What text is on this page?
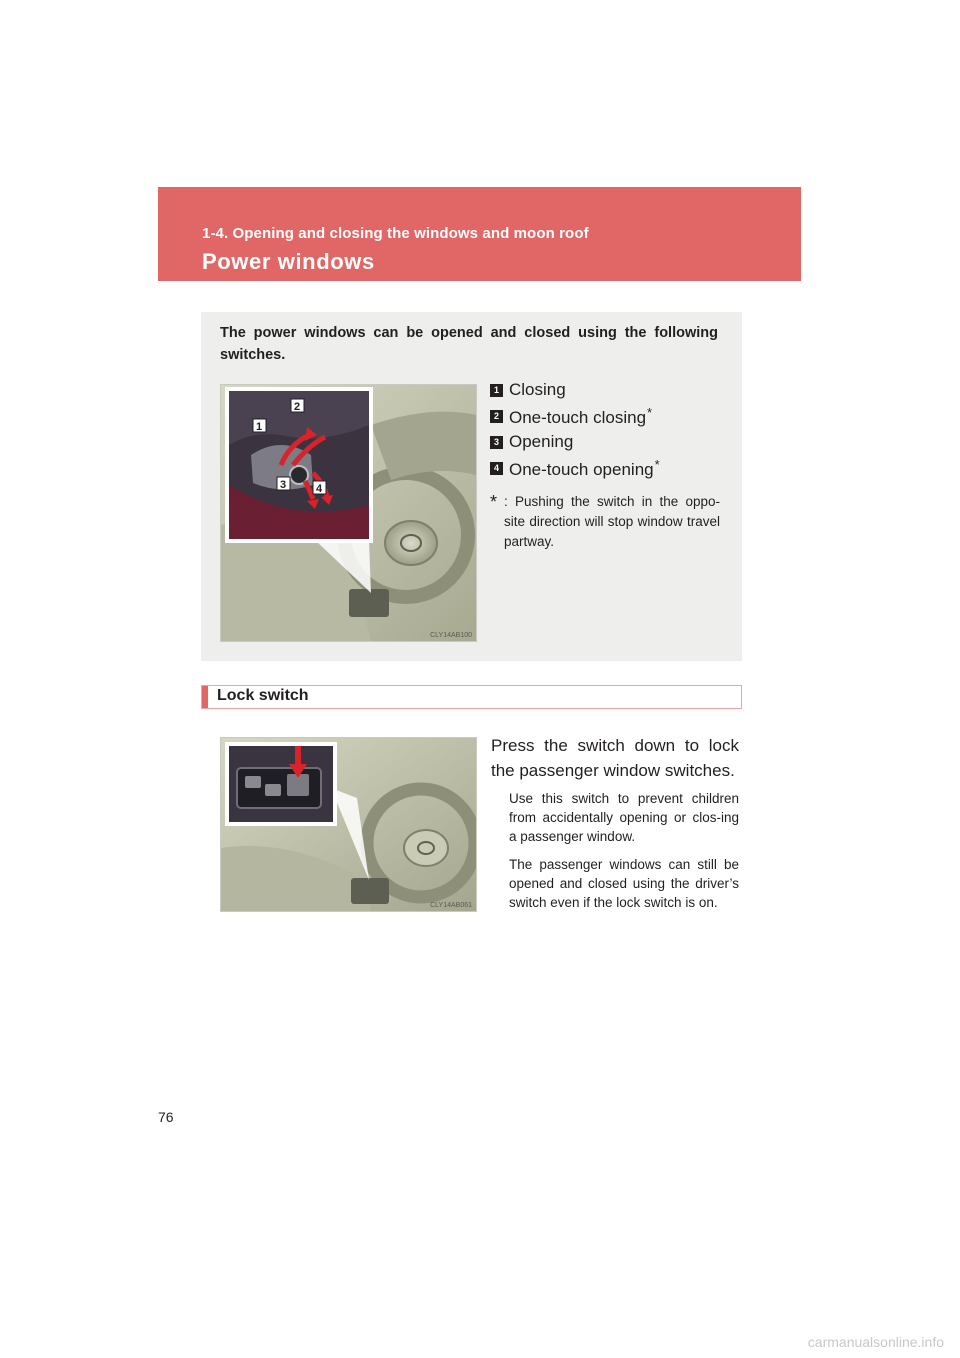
1-4. Opening and closing the windows and moon roof
Power windows
The power windows can be opened and closed using the following switches.
1
2
3	4
CLY14AB100
1 Closing
2 One-touch closing*
3 Opening
4 One-touch opening*
* : Pushing the switch in the oppo-site direction will stop window travel partway.
Lock switch
CLY14AB061
Press the switch down to lock the passenger window switches.
Use this switch to prevent children from accidentally opening or clos-ing a passenger window.
The passenger windows can still be opened and closed using the driver’s switch even if the lock switch is on.
76
carmanualsonline.info
